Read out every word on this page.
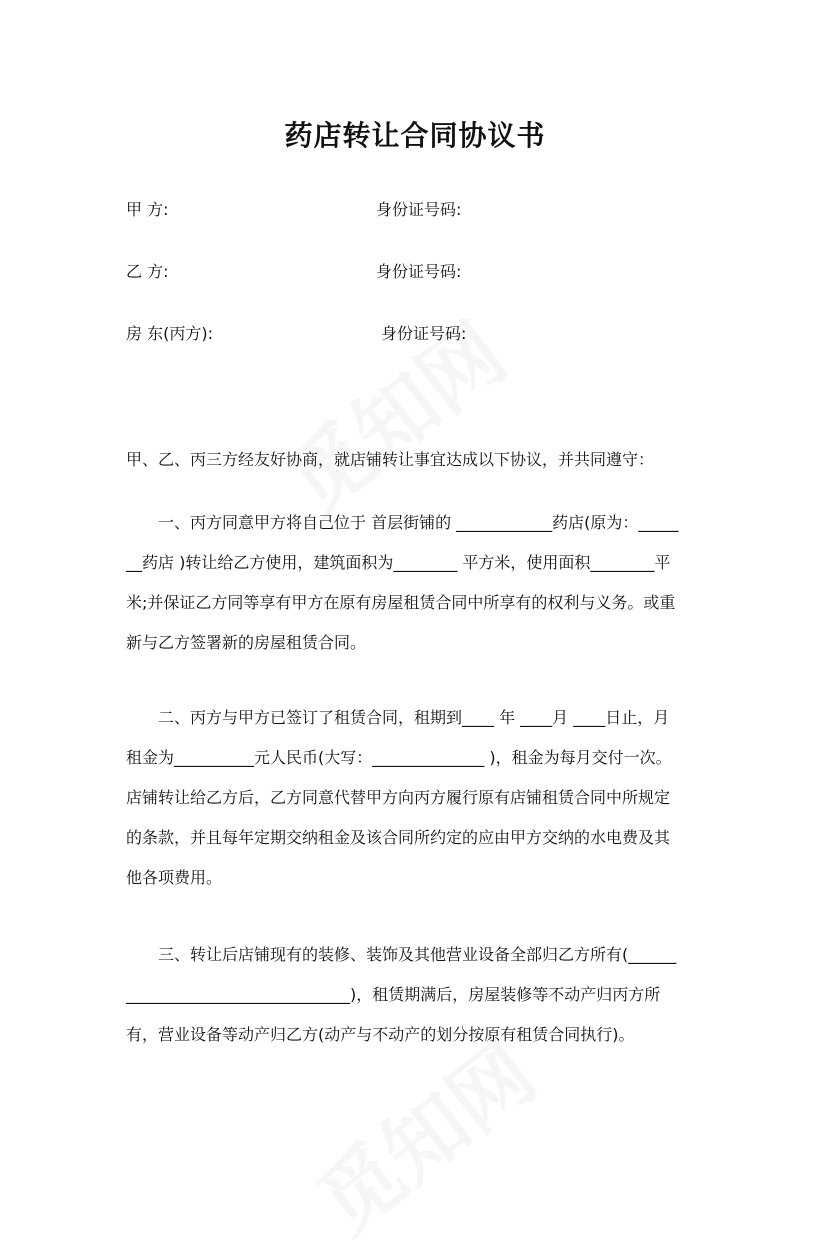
药店转让合同协议书
甲 方:	身份证号码:
乙 方:	身份证号码:
房 东(丙方):	身份证号码:
甲、乙、丙三方经友好协商，就店铺转让事宜达成以下协议，并共同遵守：
一、丙方同意甲方将自己位于 首层街铺的 ____________药店(原为：_____
__药店 )转让给乙方使用，建筑面积为________ 平方米，使用面积________平
米;并保证乙方同等享有甲方在原有房屋租赁合同中所享有的权利与义务。或重
新与乙方签署新的房屋租赁合同。
二、丙方与甲方已签订了租赁合同，租期到____ 年 ____月 ____日止，月
租金为__________元人民币(大写：______________ )，租金为每月交付一次。
店铺转让给乙方后，乙方同意代替甲方向丙方履行原有店铺租赁合同中所规定
的条款，并且每年定期交纳租金及该合同所约定的应由甲方交纳的水电费及其
他各项费用。
三、转让后店铺现有的装修、装饰及其他营业设备全部归乙方所有(______
____________________________)，租赁期满后，房屋装修等不动产归丙方所
有，营业设备等动产归乙方(动产与不动产的划分按原有租赁合同执行)。
